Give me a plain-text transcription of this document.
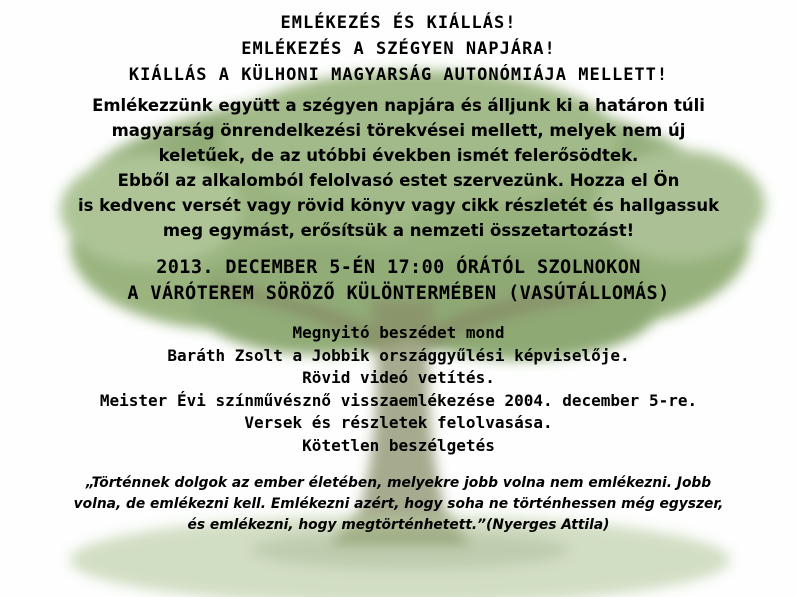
EMLÉKEZÉS ÉS KIÁLLÁS!

EMLÉKEZÉS A SZÉGYEN NAPJÁRA!

KIÁLLÁS A KÜLHONI MAGYARSÁG AUTONÓMIÁJA MELLETT!

Emlékezzünk együtt a szégyen napjára és álljunk ki a határon túli

magyarság önrendelkezési törekvései mellett, melyek nem új

keletűek, de az utóbbi években ismét felerősödtek.

Ebből az alkalomból felolvasó estet szervezünk. Hozza el Ön

is kedvenc versét vagy rövid könyv vagy cikk részletét és hallgassuk

meg egymást, erősítsük a nemzeti összetartozást!

2013. DECEMBER 5-ÉN 17:00 ÓRÁTÓL SZOLNOKON

A VÁRÓTEREM SÖRÖZŐ KÜLÖNTERMÉBEN (VASÚTÁLLOMÁS)

Megnyitó beszédet mond

Baráth Zsolt a Jobbik országgyűlési képviselője.

Rövid videó vetítés.

Meister Évi színművésznő visszaemlékezése 2004. december 5-re.

Versek és részletek felolvasása.

Kötetlen beszélgetés

„Történnek dolgok az ember életében, melyekre jobb volna nem emlékezni. Jobb

volna, de emlékezni kell. Emlékezni azért, hogy soha ne történhessen még egyszer,

és emlékezni, hogy megtörténhetett.”(Nyerges Attila)
